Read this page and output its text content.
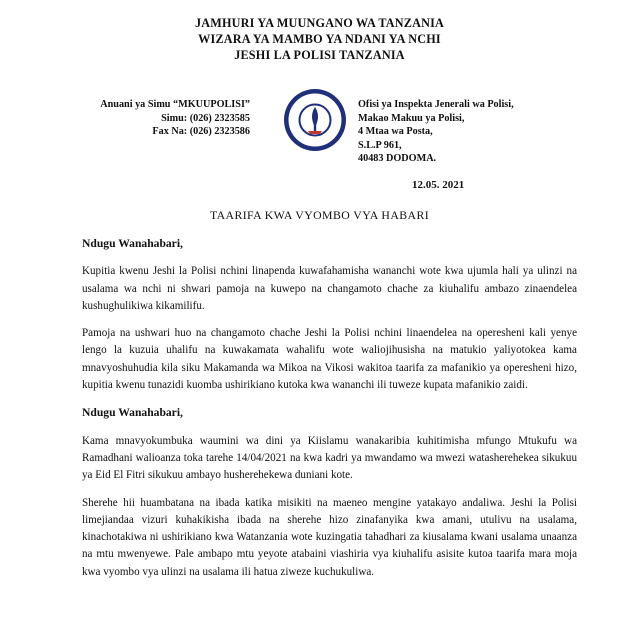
JAMHURI YA MUUNGANO WA TANZANIA
WIZARA YA MAMBO YA NDANI YA NCHI
JESHI LA POLISI TANZANIA
Anuani ya Simu “MKUUPOLISI”
Simu: (026) 2323585
Fax Na: (026) 2323586
TANZANIA
USALAMA WA RAIA
Ofisi ya Inspekta Jenerali wa Polisi,
Makao Makuu ya Polisi,
4 Mtaa wa Posta,
S.L.P 961,
40483 DODOMA.
12.05. 2021
TAARIFA KWA VYOMBO VYA HABARI

Ndugu Wanahabari,

Kupitia kwenu Jeshi la Polisi nchini linapenda kuwafahamisha wananchi wote kwa ujumla hali ya ulinzi na usalama wa nchi ni shwari pamoja na kuwepo na changamoto chache za kiuhalifu ambazo zinaendelea kushughulikiwa kikamilifu.

Pamoja na ushwari huo na changamoto chache Jeshi la Polisi nchini linaendelea na operesheni kali yenye lengo la kuzuia uhalifu na kuwakamata wahalifu wote waliojihusisha na matukio yaliyotokea kama mnavyoshuhudia kila siku Makamanda wa Mikoa na Vikosi wakitoa taarifa za mafanikio ya operesheni hizo, kupitia kwenu tunazidi kuomba ushirikiano kutoka kwa wananchi ili tuweze kupata mafanikio zaidi.

Ndugu Wanahabari,

Kama mnavyokumbuka waumini wa dini ya Kiislamu wanakaribia kuhitimisha mfungo Mtukufu wa Ramadhani walioanza toka tarehe 14/04/2021 na kwa kadri ya mwandamo wa mwezi watasherehekea sikukuu ya Eid El Fitri sikukuu ambayo husherehekewa duniani kote.

Sherehe hii huambatana na ibada katika misikiti na maeneo mengine yatakayo andaliwa. Jeshi la Polisi limejiandaa vizuri kuhakikisha ibada na sherehe hizo zinafanyika kwa amani, utulivu na usalama, kinachotakiwa ni ushirikiano kwa Watanzania wote kuzingatia tahadhari za kiusalama kwani usalama unaanza na mtu mwenyewe. Pale ambapo mtu yeyote atabaini viashiria vya kiuhalifu asisite kutoa taarifa mara moja kwa vyombo vya ulinzi na usalama ili hatua ziweze kuchukuliwa.
